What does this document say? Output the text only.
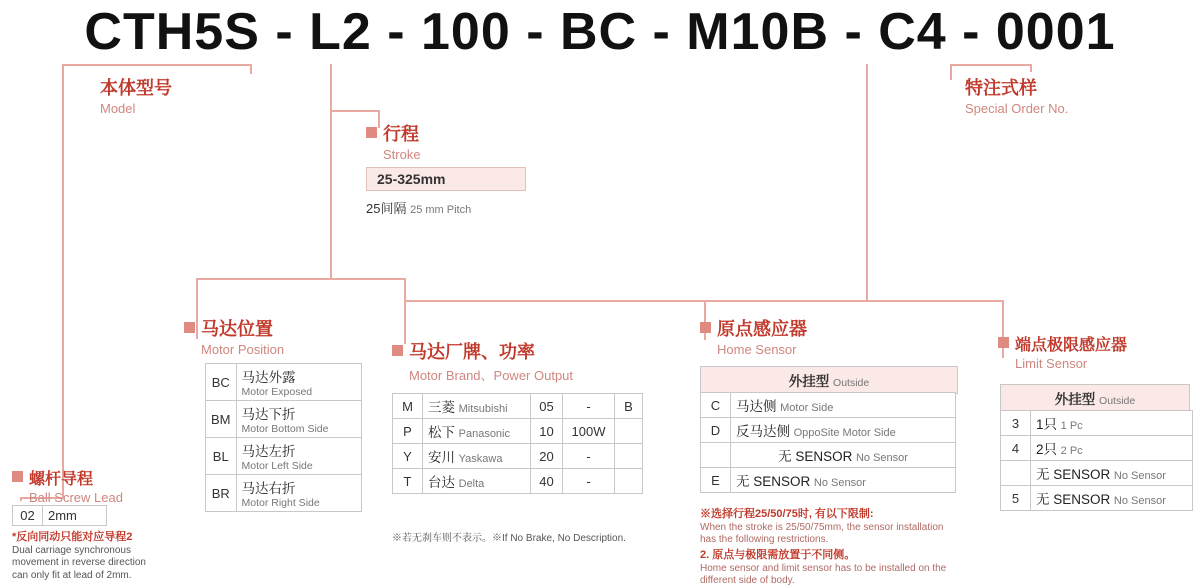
CTH5S - L2 - 100 - BC - M10B - C4 - 0001
本体型号
Model
特注式样
Special Order No.
行程
Stroke
25-325mm
25间隔 25 mm Pitch
螺杆导程
Ball Screw Lead
02	2mm
*反向同动只能对应导程2
Dual carriage synchronous movement in reverse direction can only fit at lead of 2mm.
马达位置
Motor Position
BC	马达外露
Motor Exposed

BM	马达下折
Motor Bottom Side

BL	马达左折
Motor Left Side

BR	马达右折
Motor Right Side
马达厂牌、功率
Motor Brand、Power Output
M	三菱 Mitsubishi	05	-	B
P	松下 Panasonic	10	100W	
Y	安川 Yaskawa	20	-	
T	台达 Delta	40	-	
※若无刹车则不表示。※If No Brake, No Description.
原点感应器
Home Sensor
外挂型 Outside
C	马达侧 Motor Side
D	反马达侧 OppoSite Motor Side
	无 SENSOR No Sensor
E	无 SENSOR No Sensor
※选择行程25/50/75时, 有以下限制:
When the stroke is 25/50/75mm, the sensor installation has the following restrictions.
2. 原点与极限需放置于不同侧。
Home sensor and limit sensor has to be installed on the different side of body.
端点极限感应器
Limit Sensor
外挂型 Outside
3	1只 1 Pc
4	2只 2 Pc
	无 SENSOR No Sensor
5	无 SENSOR No Sensor
